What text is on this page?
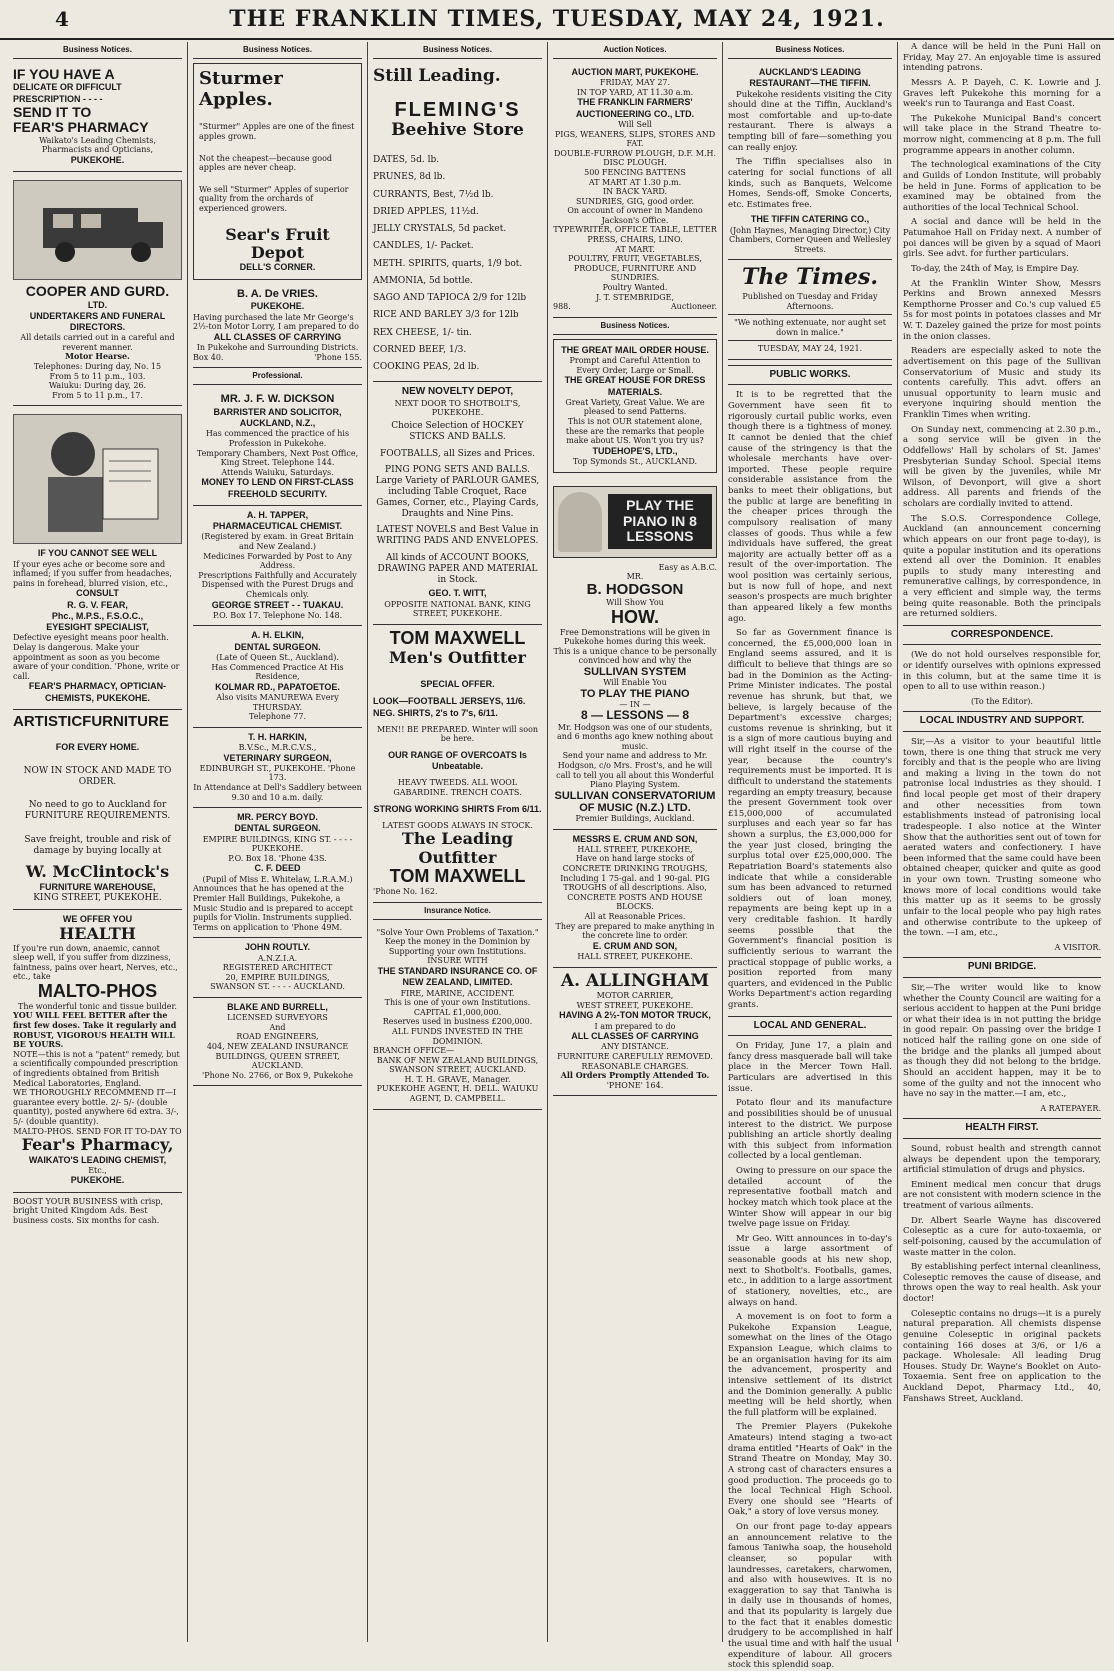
4	THE FRANKLIN TIMES, TUESDAY, MAY 24, 1921.
Business Notices.
IF YOU HAVE A
DELICATE OR DIFFICULT PRESCRIPTION - - - -
SEND IT TO
FEAR'S PHARMACY
Waikato's Leading Chemists, Pharmacists and Opticians,
PUKEKOHE.
COOPER AND GURD.
LTD.
UNDERTAKERS AND FUNERAL DIRECTORS.
All details carried out in a careful and reverent manner.
Motor Hearse.
Telephones: During day, No. 15
From 5 to 11 p.m., 103.
Waiuku: During day, 26.
From 5 to 11 p.m., 17.
IF YOU CANNOT SEE WELL
If your eyes ache or become sore and inflamed; if you suffer from headaches, pains in forehead, blurred vision, etc.,
CONSULT
R. G. V. FEAR,
Phc., M.P.S., F.S.O.C.,
EYESIGHT SPECIALIST,
Defective eyesight means poor health. Delay is dangerous. Make your appointment as soon as you become aware of your condition. 'Phone, write or call.
FEAR'S PHARMACY, OPTICIAN-CHEMISTS, PUKEKOHE.
ARTISTICFURNITURE
FOR EVERY HOME.
NOW IN STOCK AND MADE TO ORDER.
No need to go to Auckland for FURNITURE REQUIREMENTS.
Save freight, trouble and risk of damage by buying locally at
W. McClintock's
FURNITURE WAREHOUSE,
KING STREET, PUKEKOHE.
WE OFFER YOU
HEALTH
If you're run down, anaemic, cannot sleep well, if you suffer from dizziness, faintness, pains over heart, Nerves, etc., etc., take
MALTO-PHOS
The wonderful tonic and tissue builder.
YOU WILL FEEL BETTER after the first few doses. Take it regularly and ROBUST, VIGOROUS HEALTH WILL BE YOURS.
NOTE—this is not a "patent" remedy, but a scientifically compounded prescription of ingredients obtained from British Medical Laboratories, England.
WE THOROUGHLY RECOMMEND IT—I guarantee every bottle. 2/- 5/- (double quantity), posted anywhere 6d extra. 3/-, 5/- (double quantity).
MALTO-PHOS. SEND FOR IT TO-DAY TO
Fear's Pharmacy,
WAIKATO'S LEADING CHEMIST,
Etc.,
PUKEKOHE.
BOOST YOUR BUSINESS with crisp, bright United Kingdom Ads. Best business costs. Six months for cash.
Business Notices.
Sturmer Apples.
"Sturmer" Apples are one of the finest apples grown.
Not the cheapest—because good apples are never cheap.
We sell "Sturmer" Apples of superior quality from the orchards of experienced growers.
Sear's Fruit Depot
DELL'S CORNER.
B. A. De VRIES.
PUKEKOHE.
Having purchased the late Mr George's 2½-ton Motor Lorry, I am prepared to do
ALL CLASSES OF CARRYING
In Pukekohe and Surrounding Districts.
Box 40.	'Phone 155.
Professional.
MR. J. F. W. DICKSON
BARRISTER AND SOLICITOR, AUCKLAND, N.Z.,
Has commenced the practice of his Profession in Pukekohe.
Temporary Chambers, Next Post Office, King Street. Telephone 144.
Attends Waiuku, Saturdays.
MONEY TO LEND ON FIRST-CLASS FREEHOLD SECURITY.
A. H. TAPPER,
PHARMACEUTICAL CHEMIST.
(Registered by exam. in Great Britain and New Zealand.)
Medicines Forwarded by Post to Any Address.
Prescriptions Faithfully and Accurately Dispensed with the Purest Drugs and Chemicals only.
GEORGE STREET - - TUAKAU.
P.O. Box 17. Telephone No. 148.
A. H. ELKIN,
DENTAL SURGEON.
(Late of Queen St., Auckland).
Has Commenced Practice At His Residence,
KOLMAR RD., PAPATOETOE.
Also visits MANUREWA Every THURSDAY.
Telephone 77.
T. H. HARKIN,
B.V.Sc., M.R.C.V.S.,
VETERINARY SURGEON,
EDINBURGH ST., PUKEKOHE. 'Phone 173.
In Attendance at Dell's Saddlery between 9.30 and 10 a.m. daily.
MR. PERCY BOYD.
DENTAL SURGEON.
EMPIRE BUILDINGS, KING ST. - - - - PUKEKOHE.
P.O. Box 18. 'Phone 43S.
C. F. DEED
(Pupil of Miss E. Whitelaw, L.R.A.M.)
Announces that he has opened at the Premier Hall Buildings, Pukekohe, a Music Studio and is prepared to accept pupils for Violin. Instruments supplied. Terms on application to 'Phone 49M.
JOHN ROUTLY.
A.N.Z.I.A.
REGISTERED ARCHITECT
20, EMPIRE BUILDINGS,
SWANSON ST. - - - - AUCKLAND.
BLAKE AND BURRELL,
LICENSED SURVEYORS
And
ROAD ENGINEERS,
404, NEW ZEALAND INSURANCE BUILDINGS, QUEEN STREET, AUCKLAND.
'Phone No. 2766, or Box 9, Pukekohe
Business Notices.
Still Leading.
FLEMING'S
Beehive Store
DATES, 5d. lb.
PRUNES, 8d lb.
CURRANTS, Best, 7½d lb.
DRIED APPLES, 11½d.
JELLY CRYSTALS, 5d packet.
CANDLES, 1/- Packet.
METH. SPIRITS, quarts, 1/9 bot.
AMMONIA, 5d bottle.
SAGO AND TAPIOCA 2/9 for 12lb
RICE AND BARLEY 3/3 for 12lb
REX CHEESE, 1/- tin.
CORNED BEEF, 1/3.
COOKING PEAS, 2d lb.
NEW NOVELTY DEPOT,
NEXT DOOR TO SHOTBOLT'S, PUKEKOHE.
Choice Selection of HOCKEY STICKS AND BALLS.
FOOTBALLS, all Sizes and Prices.
PING PONG SETS AND BALLS. Large Variety of PARLOUR GAMES, including Table Croquet, Race Games, Corner, etc., Playing Cards, Draughts and Nine Pins.
LATEST NOVELS and Best Value in WRITING PADS AND ENVELOPES.
All kinds of ACCOUNT BOOKS, DRAWING PAPER AND MATERIAL in Stock.
GEO. T. WITT,
OPPOSITE NATIONAL BANK, KING STREET, PUKEKOHE.
TOM MAXWELL
Men's Outfitter
SPECIAL OFFER.
LOOK—FOOTBALL JERSEYS, 11/6.
NEG. SHIRTS, 2's to 7's, 6/11.
MEN!! BE PREPARED. Winter will soon be here.
OUR RANGE OF OVERCOATS Is Unbeatable.
HEAVY TWEEDS. ALL WOOL GABARDINE. TRENCH COATS.
STRONG WORKING SHIRTS From 6/11.
LATEST GOODS ALWAYS IN STOCK.
The Leading Outfitter
TOM MAXWELL
'Phone No. 162.
Insurance Notice.
"Solve Your Own Problems of Taxation."
Keep the money in the Dominion by Supporting your own Institutions. INSURE WITH
THE STANDARD INSURANCE CO. OF NEW ZEALAND, LIMITED.
FIRE, MARINE, ACCIDENT.
This is one of your own Institutions.
CAPITAL £1,000,000.
Reserves used in business £200,000.
ALL FUNDS INVESTED IN THE DOMINION.
BRANCH OFFICE—
BANK OF NEW ZEALAND BUILDINGS, SWANSON STREET, AUCKLAND.
H. T. H. GRAVE, Manager.
PUKEKOHE AGENT, H. DELL. WAIUKU AGENT, D. CAMPBELL.
Auction Notices.
AUCTION MART, PUKEKOHE.
FRIDAY, MAY 27.
IN TOP YARD, AT 11.30 a.m.
THE FRANKLIN FARMERS' AUCTIONEERING CO., LTD.
Will Sell
PIGS, WEANERS, SLIPS, STORES AND FAT.
DOUBLE-FURROW PLOUGH, D.F. M.H. DISC PLOUGH.
500 FENCING BATTENS
AT MART AT 1.30 p.m.
IN BACK YARD.
SUNDRIES, GIG, good order.
On account of owner in Mandeno Jackson's Office.
TYPEWRITER, OFFICE TABLE, LETTER PRESS, CHAIRS, LINO.
AT MART.
POULTRY, FRUIT, VEGETABLES, PRODUCE, FURNITURE AND SUNDRIES.
Poultry Wanted.
J. T. STEMBRIDGE,
988.	Auctioneer.
Business Notices.
THE GREAT MAIL ORDER HOUSE.
Prompt and Careful Attention to Every Order, Large or Small.
THE GREAT HOUSE FOR DRESS MATERIALS.
Great Variety, Great Value. We are pleased to send Patterns.
This is not OUR statement alone, these are the remarks that people make about US. Won't you try us?
TUDEHOPE'S, LTD.,
Top Symonds St., AUCKLAND.
PLAY THE PIANO IN 8 LESSONS
Easy as A.B.C.
MR.
B. HODGSON
Will Show You
HOW.
Free Demonstrations will be given in Pukekohe homes during this week.
This is a unique chance to be personally convinced how and why the
SULLIVAN SYSTEM
Will Enable You
TO PLAY THE PIANO
— IN —
8 — LESSONS — 8
Mr. Hodgson was one of our students, and 6 months ago knew nothing about music.
Send your name and address to Mr. Hodgson, c/o Mrs. Frost's, and he will call to tell you all about this Wonderful Piano Playing System.
SULLIVAN CONSERVATORIUM OF MUSIC (N.Z.) LTD.
Premier Buildings, Auckland.
MESSRS E. CRUM AND SON,
HALL STREET, PUKEKOHE,
Have on hand large stocks of CONCRETE DRINKING TROUGHS, Including 1 75-gal. and 1 90-gal. PIG TROUGHS of all descriptions. Also,
CONCRETE POSTS AND HOUSE BLOCKS.
All at Reasonable Prices.
They are prepared to make anything in the concrete line to order.
E. CRUM AND SON,
HALL STREET, PUKEKOHE.
A. ALLINGHAM
MOTOR CARRIER,
WEST STREET, PUKEKOHE.
HAVING A 2½-TON MOTOR TRUCK,
I am prepared to do
ALL CLASSES OF CARRYING
ANY DISTANCE.
FURNITURE CAREFULLY REMOVED.
REASONABLE CHARGES.
All Orders Promptly Attended To.
'PHONE' 164.
Business Notices.
AUCKLAND'S LEADING RESTAURANT—THE TIFFIN.

Pukekohe residents visiting the City should dine at the Tiffin, Auckland's most comfortable and up-to-date restaurant. There is always a tempting bill of fare—something you can really enjoy.

The Tiffin specialises also in catering for social functions of all kinds, such as Banquets, Welcome Homes, Sends-off, Smoke Concerts, etc. Estimates free.

THE TIFFIN CATERING CO.,
(John Haynes, Managing Director,) City Chambers, Corner Queen and Wellesley Streets.
The Times.
Published on Tuesday and Friday Afternoons.
"We nothing extenuate, nor aught set down in malice."
TUESDAY, MAY 24, 1921.
PUBLIC WORKS.

It is to be regretted that the Government have seen fit to rigorously curtail public works, even though there is a tightness of money. It cannot be denied that the chief cause of the stringency is that the wholesale merchants have over-imported. These people require considerable assistance from the banks to meet their obligations, but the public at large are benefiting in the cheaper prices through the compulsory realisation of many classes of goods. Thus while a few individuals have suffered, the great majority are actually better off as a result of the over-importation. The wool position was certainly serious, but is now full of hope, and next season's prospects are much brighter than appeared likely a few months ago.

So far as Government finance is concerned, the £5,000,000 loan in England seems assured, and it is difficult to believe that things are so bad in the Dominion as the Acting-Prime Minister indicates. The postal revenue has shrunk, but that, we believe, is largely because of the Department's excessive charges; customs revenue is shrinking, but it is a sign of more cautious buying and will right itself in the course of the year, because the country's requirements must be imported. It is difficult to understand the statements regarding an empty treasury, because the present Government took over £15,000,000 of accumulated surpluses and each year so far has shown a surplus, the £3,000,000 for the year just closed, bringing the surplus total over £25,000,000. The Repatriation Board's statements also indicate that while a considerable sum has been advanced to returned soldiers out of loan money, repayments are being kept up in a very creditable fashion. It hardly seems possible that the Government's financial position is sufficiently serious to warrant the practical stoppage of public works, a position reported from many quarters, and evidenced in the Public Works Department's action regarding grants.

LOCAL AND GENERAL.

On Friday, June 17, a plain and fancy dress masquerade ball will take place in the Mercer Town Hall. Particulars are advertised in this issue.

Potato flour and its manufacture and possibilities should be of unusual interest to the district. We purpose publishing an article shortly dealing with this subject from information collected by a local gentleman.

Owing to pressure on our space the detailed account of the representative football match and hockey match which took place at the Winter Show will appear in our big twelve page issue on Friday.

Mr Geo. Witt announces in to-day's issue a large assortment of seasonable goods at his new shop, next to Shotbolt's. Footballs, games, etc., in addition to a large assortment of stationery, novelties, etc., are always on hand.

A movement is on foot to form a Pukekohe Expansion League, somewhat on the lines of the Otago Expansion League, which claims to be an organisation having for its aim the advancement, prosperity and intensive settlement of its district and the Dominion generally. A public meeting will be held shortly, when the full platform will be explained.

The Premier Players (Pukekohe Amateurs) intend staging a two-act drama entitled "Hearts of Oak" in the Strand Theatre on Monday, May 30. A strong cast of characters ensures a good production. The proceeds go to the local Technical High School. Every one should see "Hearts of Oak," a story of love versus money.

On our front page to-day appears an announcement relative to the famous Taniwha soap, the household cleanser, so popular with laundresses, caretakers, charwomen, and also with housewives. It is no exaggeration to say that Taniwha is in daily use in thousands of homes, and that its popularity is largely due to the fact that it enables domestic drudgery to be accomplished in half the usual time and with half the usual expenditure of labour. All grocers stock this splendid soap.

A dance will be held in the Puni Hall on Friday, May 27. An enjoyable time is assured intending patrons.

Messrs A. P. Dayeh, C. K. Lowrie and J. Graves left Pukekohe this morning for a week's run to Tauranga and East Coast.

The Pukekohe Municipal Band's concert will take place in the Strand Theatre to-morrow night, commencing at 8 p.m. The full programme appears in another column.

The technological examinations of the City and Guilds of London Institute, will probably be held in June. Forms of application to be examined may be obtained from the authorities of the local Technical School.

A social and dance will be held in the Patumahoe Hall on Friday next. A number of poi dances will be given by a squad of Maori girls. See advt. for further particulars.

To-day, the 24th of May, is Empire Day.

At the Franklin Winter Show, Messrs Perkins and Brown annexed Messrs Kempthorne Prosser and Co.'s cup valued £5 5s for most points in potatoes classes and Mr W. T. Dazeley gained the prize for most points in the onion classes.

Readers are especially asked to note the advertisement on this page of the Sullivan Conservatorium of Music and study its contents carefully. This advt. offers an unusual opportunity to learn music and everyone inquiring should mention the Franklin Times when writing.

On Sunday next, commencing at 2.30 p.m., a song service will be given in the Oddfellows' Hall by scholars of St. James' Presbyterian Sunday School. Special items will be given by the juveniles, while Mr Wilson, of Devonport, will give a short address. All parents and friends of the scholars are cordially invited to attend.

The S.O.S. Correspondence College, Auckland (an announcement concerning which appears on our front page to-day), is quite a popular institution and its operations extend all over the Dominion. It enables pupils to study many interesting and remunerative callings, by correspondence, in a very efficient and simple way, the terms being quite reasonable. Both the principals are returned soldiers.

CORRESPONDENCE.

(We do not hold ourselves responsible for, or identify ourselves with opinions expressed in this column, but at the same time it is open to all to use within reason.)

(To the Editor).
LOCAL INDUSTRY AND SUPPORT.

Sir,—As a visitor to your beautiful little town, there is one thing that struck me very forcibly and that is the people who are living and making a living in the town do not patronise local industries as they should. I find local people get most of their drapery and other necessities from town establishments instead of patronising local tradespeople. I also notice at the Winter Show that the authorities sent out of town for aerated waters and confectionery. I have been informed that the same could have been obtained cheaper, quicker and quite as good in your own town. Trusting someone who knows more of local conditions would take this matter up as it seems to be grossly unfair to the local people who pay high rates and otherwise contribute to the upkeep of the town. —I am, etc.,

A VISITOR.
PUNI BRIDGE.

Sir,—The writer would like to know whether the County Council are waiting for a serious accident to happen at the Puni bridge or what their idea is in not putting the bridge in good repair. On passing over the bridge I noticed half the railing gone on one side of the bridge and the planks all jumped about as though they did not belong to the bridge. Should an accident happen, may it be to some of the guilty and not the innocent who have no say in the matter.—I am, etc.,

A RATEPAYER.
HEALTH FIRST.

Sound, robust health and strength cannot always be dependent upon the temporary, artificial stimulation of drugs and physics.

Eminent medical men concur that drugs are not consistent with modern science in the treatment of various ailments.

Dr. Albert Searle Wayne has discovered Coleseptic as a cure for auto-toxaemia, or self-poisoning, caused by the accumulation of waste matter in the colon.

By establishing perfect internal cleanliness, Coleseptic removes the cause of disease, and throws open the way to real health. Ask your doctor!

Coleseptic contains no drugs—it is a purely natural preparation. All chemists dispense genuine Coleseptic in original packets containing 166 doses at 3/6, or 1/6 a package. Wholesale: All leading Drug Houses. Study Dr. Wayne's Booklet on Auto-Toxaemia. Sent free on application to the Auckland Depot, Pharmacy Ltd., 40, Fanshaws Street, Auckland.
